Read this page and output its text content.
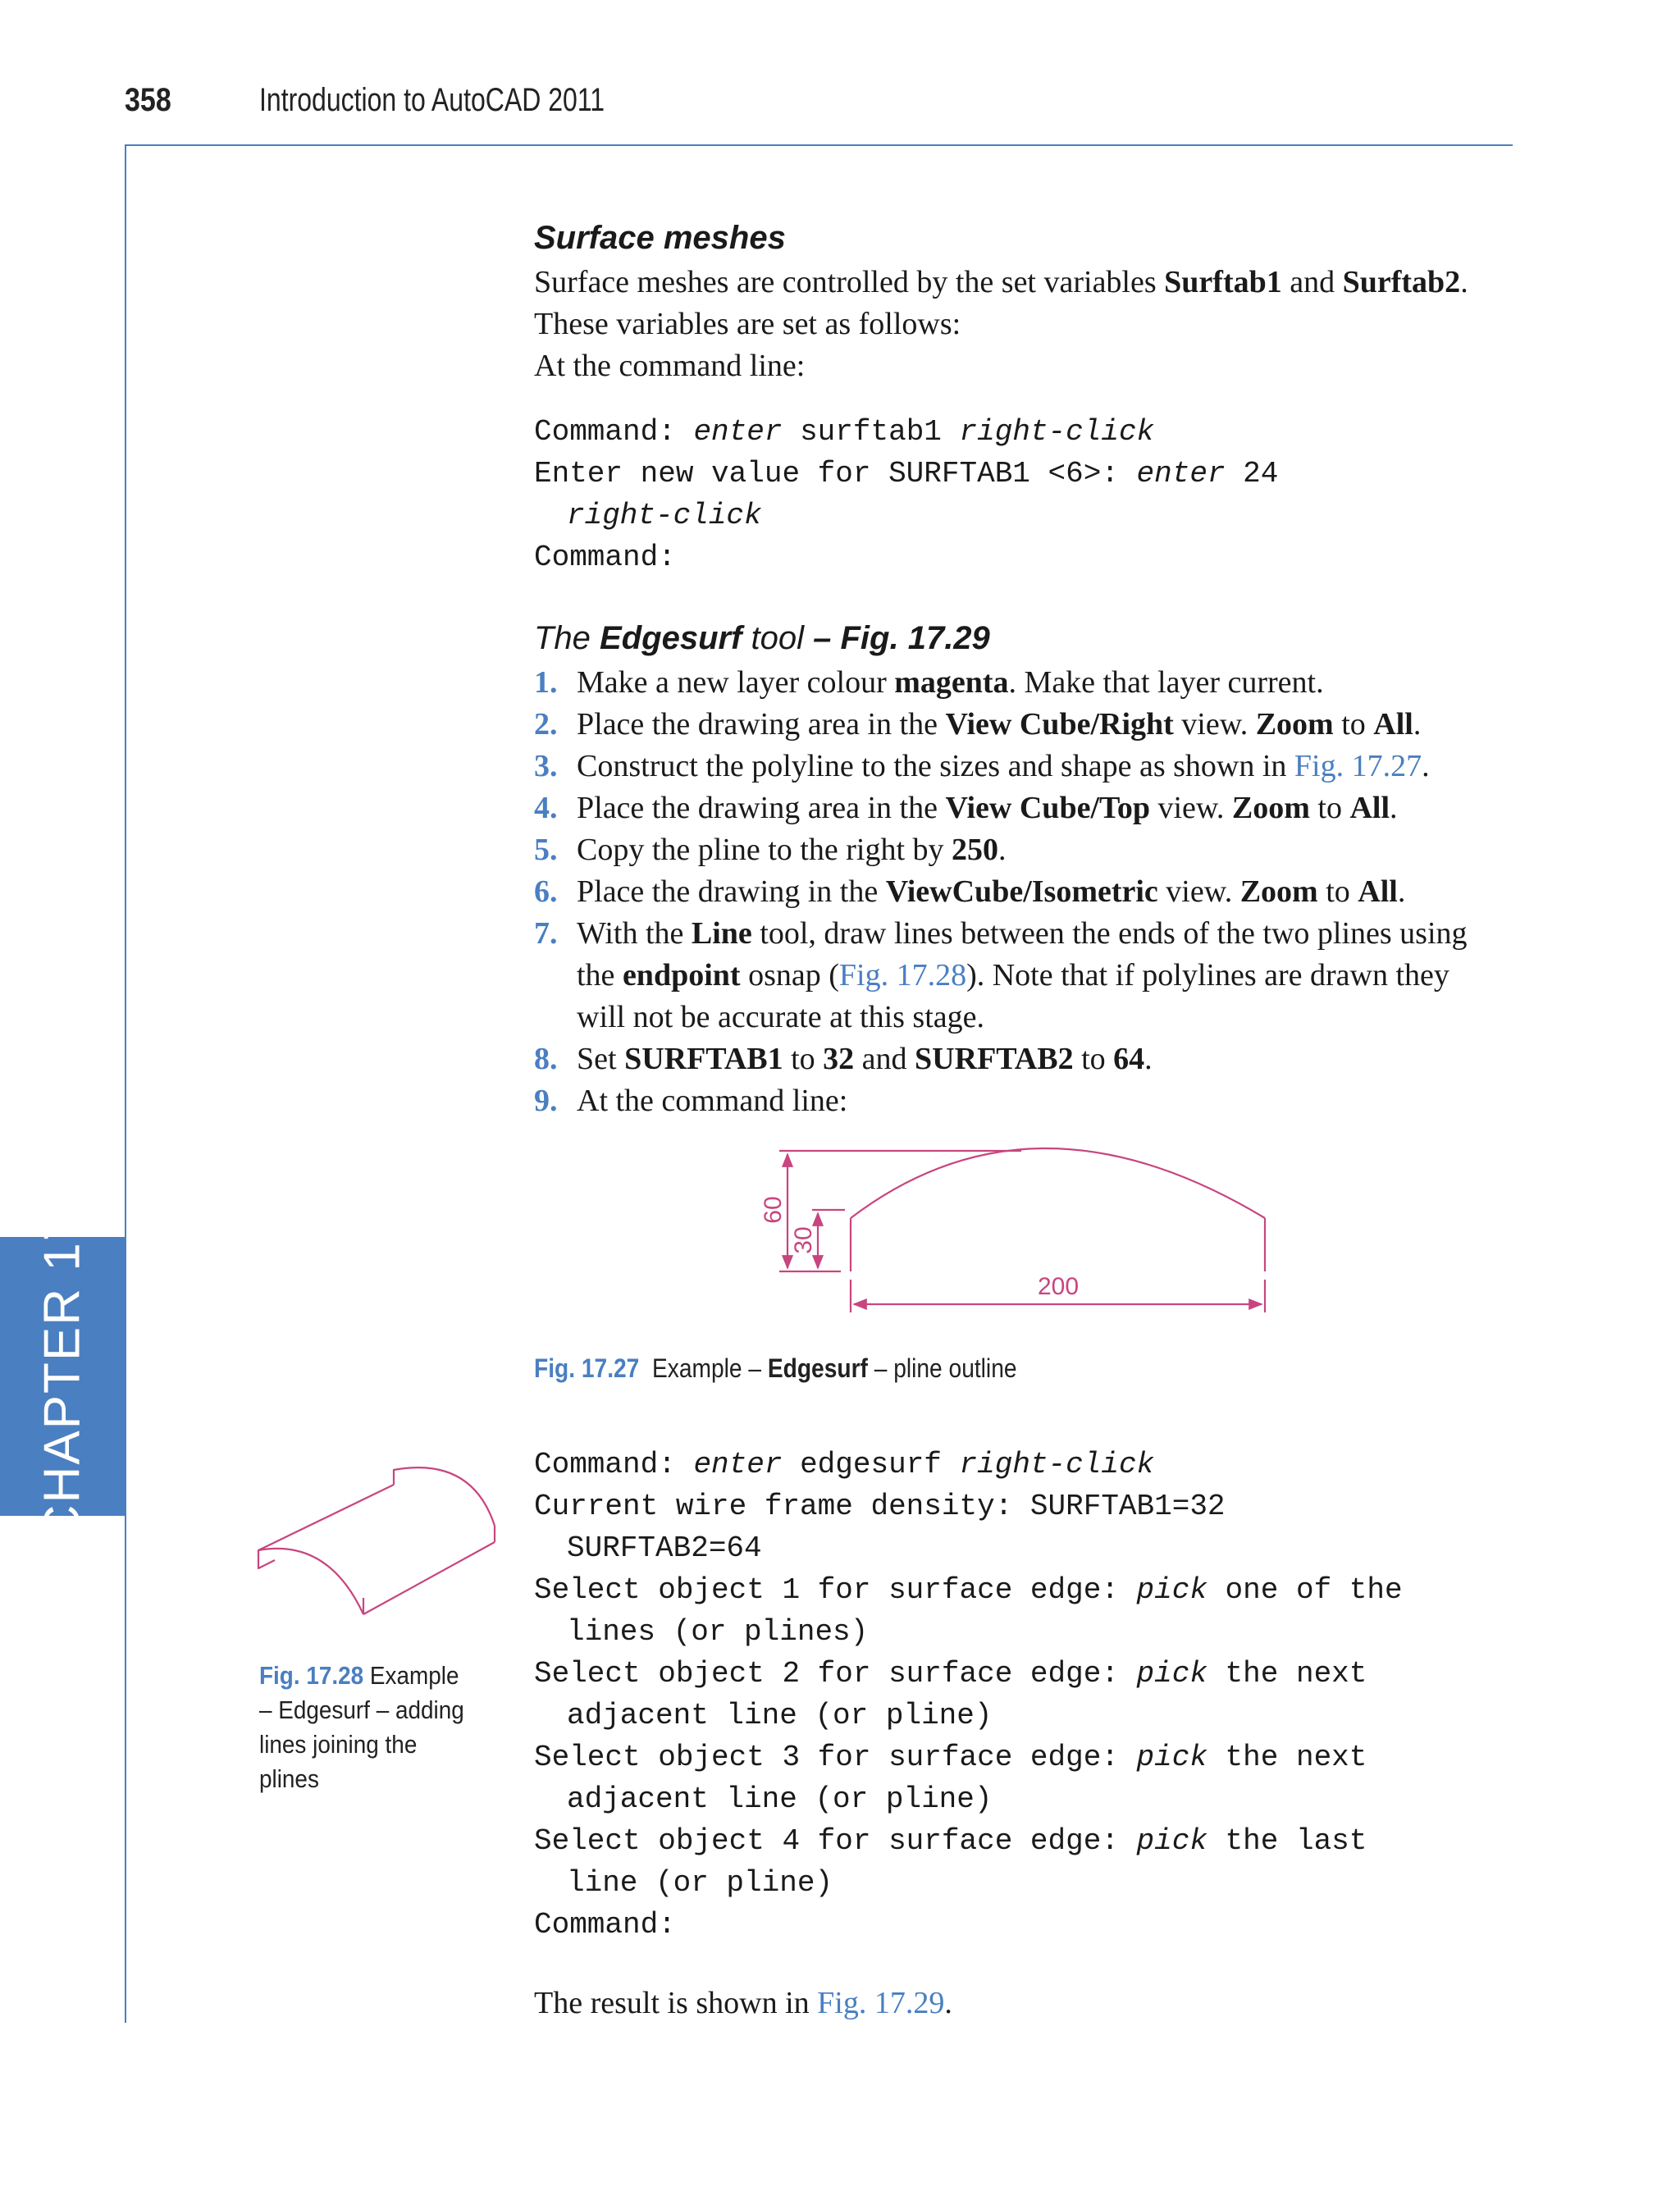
358	Introduction to AutoCAD 2011
CHAPTER 17
Surface meshes

Surface meshes are controlled by the set variables Surftab1 and Surftab2.
These variables are set as follows:
At the command line:

Command: enter surftab1 right-click

Enter new value for SURFTAB1 <6>: enter 24

right-click

Command:

The Edgesurf tool – Fig. 17.29
1. Make a new layer colour magenta. Make that layer current.
2. Place the drawing area in the View Cube/Right view. Zoom to All.
3. Construct the polyline to the sizes and shape as shown in Fig. 17.27.
4. Place the drawing area in the View Cube/Top view. Zoom to All.
5. Copy the pline to the right by 250.
6. Place the drawing in the ViewCube/Isometric view. Zoom to All.
7. With the Line tool, draw lines between the ends of the two plines using the endpoint osnap (Fig. 17.28). Note that if polylines are drawn they will not be accurate at this stage.
8. Set SURFTAB1 to 32 and SURFTAB2 to 64.
9. At the command line:
60
30
200
Fig. 17.27 Example – Edgesurf – pline outline
Fig. 17.28 Example – Edgesurf – adding lines joining the plines

Command: enter edgesurf right-click

Current wire frame density: SURFTAB1=32

SURFTAB2=64

Select object 1 for surface edge: pick one of the

lines (or plines)

Select object 2 for surface edge: pick the next

adjacent line (or pline)

Select object 3 for surface edge: pick the next

adjacent line (or pline)

Select object 4 for surface edge: pick the last

line (or pline)

Command:

The result is shown in Fig. 17.29.
